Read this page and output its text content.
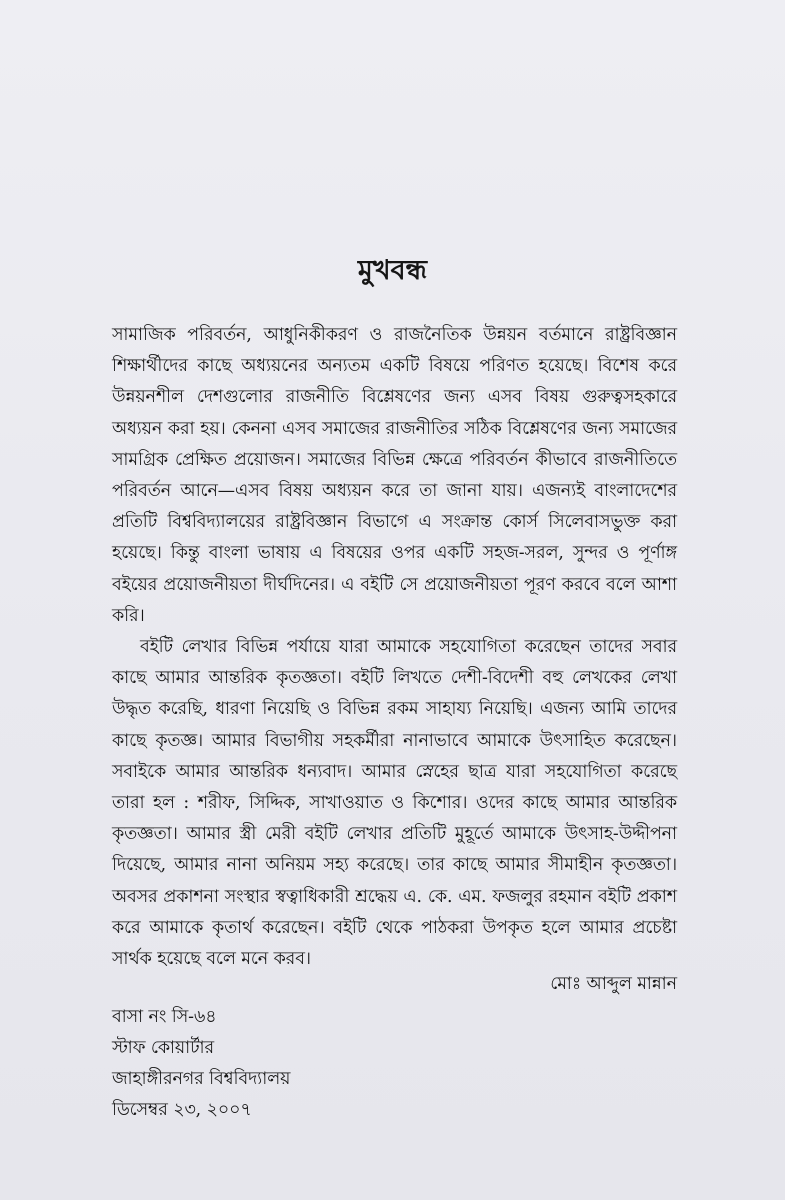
মুখবন্ধ

সামাজিক পরিবর্তন, আধুনিকীকরণ ও রাজনৈতিক উন্নয়ন বর্তমানে রাষ্ট্রবিজ্ঞান শিক্ষার্থীদের কাছে অধ্যয়নের অন্যতম একটি বিষয়ে পরিণত হয়েছে। বিশেষ করে উন্নয়নশীল দেশগুলোর রাজনীতি বিশ্লেষণের জন্য এসব বিষয় গুরুত্বসহকারে অধ্যয়ন করা হয়। কেননা এসব সমাজের রাজনীতির সঠিক বিশ্লেষণের জন্য সমাজের সামগ্রিক প্রেক্ষিত প্রয়োজন। সমাজের বিভিন্ন ক্ষেত্রে পরিবর্তন কীভাবে রাজনীতিতে পরিবর্তন আনে—এসব বিষয় অধ্যয়ন করে তা জানা যায়। এজন্যই বাংলাদেশের প্রতিটি বিশ্ববিদ্যালয়ের রাষ্ট্রবিজ্ঞান বিভাগে এ সংক্রান্ত কোর্স সিলেবাসভুক্ত করা হয়েছে। কিন্তু বাংলা ভাষায় এ বিষয়ের ওপর একটি সহজ-সরল, সুন্দর ও পূর্ণাঙ্গ বইয়ের প্রয়োজনীয়তা দীর্ঘদিনের। এ বইটি সে প্রয়োজনীয়তা পূরণ করবে বলে আশা করি।

বইটি লেখার বিভিন্ন পর্যায়ে যারা আমাকে সহযোগিতা করেছেন তাদের সবার কাছে আমার আন্তরিক কৃতজ্ঞতা। বইটি লিখতে দেশী-বিদেশী বহু লেখকের লেখা উদ্ধৃত করেছি, ধারণা নিয়েছি ও বিভিন্ন রকম সাহায্য নিয়েছি। এজন্য আমি তাদের কাছে কৃতজ্ঞ। আমার বিভাগীয় সহকর্মীরা নানাভাবে আমাকে উৎসাহিত করেছেন। সবাইকে আমার আন্তরিক ধন্যবাদ। আমার স্নেহের ছাত্র যারা সহযোগিতা করেছে তারা হল : শরীফ, সিদ্দিক, সাখাওয়াত ও কিশোর। ওদের কাছে আমার আন্তরিক কৃতজ্ঞতা। আমার স্ত্রী মেরী বইটি লেখার প্রতিটি মুহূর্তে আমাকে উৎসাহ-উদ্দীপনা দিয়েছে, আমার নানা অনিয়ম সহ্য করেছে। তার কাছে আমার সীমাহীন কৃতজ্ঞতা। অবসর প্রকাশনা সংস্থার স্বত্বাধিকারী শ্রদ্ধেয় এ. কে. এম. ফজলুর রহমান বইটি প্রকাশ করে আমাকে কৃতার্থ করেছেন। বইটি থেকে পাঠকরা উপকৃত হলে আমার প্রচেষ্টা সার্থক হয়েছে বলে মনে করব।

মোঃ আব্দুল মান্নান
বাসা নং সি-৬৪
স্টাফ কোয়ার্টার
জাহাঙ্গীরনগর বিশ্ববিদ্যালয়
ডিসেম্বর ২৩, ২০০৭
